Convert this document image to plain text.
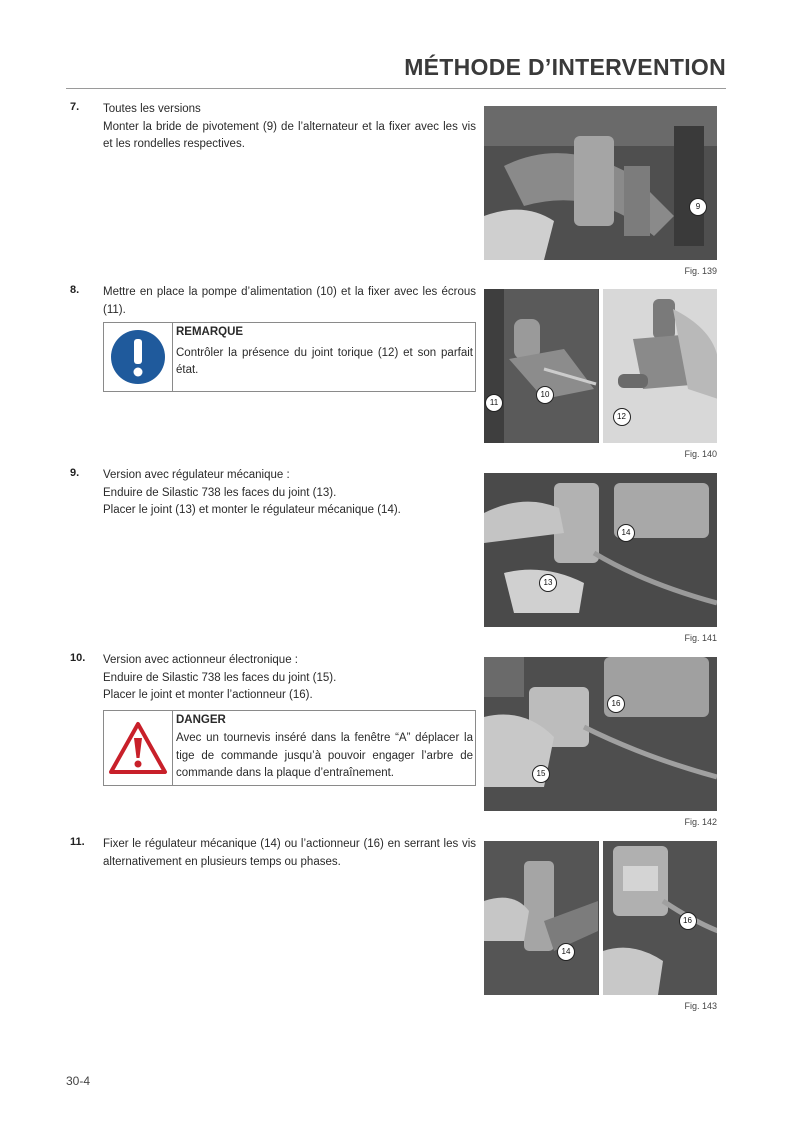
MÉTHODE D’INTERVENTION
7. Toutes les versions

Monter la bride de pivotement (9) de l’alternateur et la fixer avec les vis et les rondelles respectives.

8. Mettre en place la pompe d’alimentation (10) et la fixer avec les écrous (11).

REMARQUE
Contrôler la présence du joint torique (12) et son parfait état.
9. Version avec régulateur mécanique :

Enduire de Silastic 738 les faces du joint (13).

Placer le joint (13) et monter le régulateur mécanique (14).

10. Version avec actionneur électronique :

Enduire de Silastic 738 les faces du joint (15).

Placer le joint et monter l’actionneur (16).

DANGER
Avec un tournevis inséré dans la fenêtre “A” déplacer la tige de commande jusqu’à pouvoir engager l’arbre de commande dans la plaque d’entraînement.
11. Fixer le régulateur mécanique (14) ou l’actionneur (16) en serrant les vis alternativement en plusieurs temps ou phases.

9
Fig. 139
11
10
12
Fig. 140
14
13
Fig. 141
16
15
Fig. 142
14
16
Fig. 143
30-4
